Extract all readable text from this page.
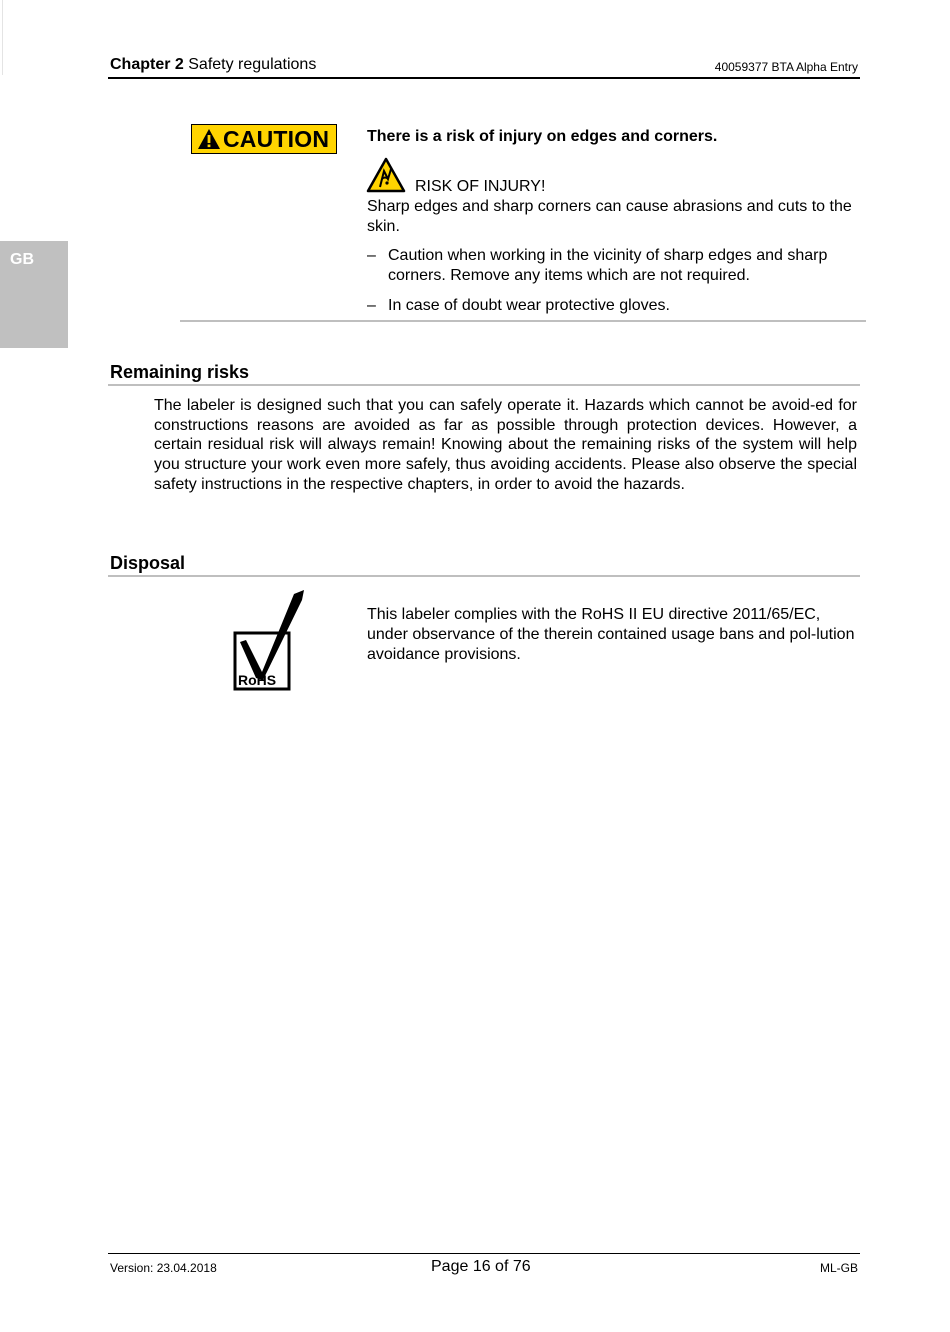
Chapter 2 Safety regulations	40059377 BTA Alpha Entry
GB
CAUTION There is a risk of injury on edges and corners.
RISK OF INJURY!
Sharp edges and sharp corners can cause abrasions and cuts to the skin.
– Caution when working in the vicinity of sharp edges and sharp corners. Remove any items which are not required.
– In case of doubt wear protective gloves.
Remaining risks
The labeler is designed such that you can safely operate it. Hazards which cannot be avoid-ed for constructions reasons are avoided as far as possible through protection devices. However, a certain residual risk will always remain! Knowing about the remaining risks of the system will help you structure your work even more safely, thus avoiding accidents. Please also observe the special safety instructions in the respective chapters, in order to avoid the hazards.
Disposal
RoHS
This labeler complies with the RoHS II EU directive 2011/65/EC, under observance of the therein contained usage bans and pol-lution avoidance provisions.
Version: 23.04.2018	Page 16 of 76	ML-GB
